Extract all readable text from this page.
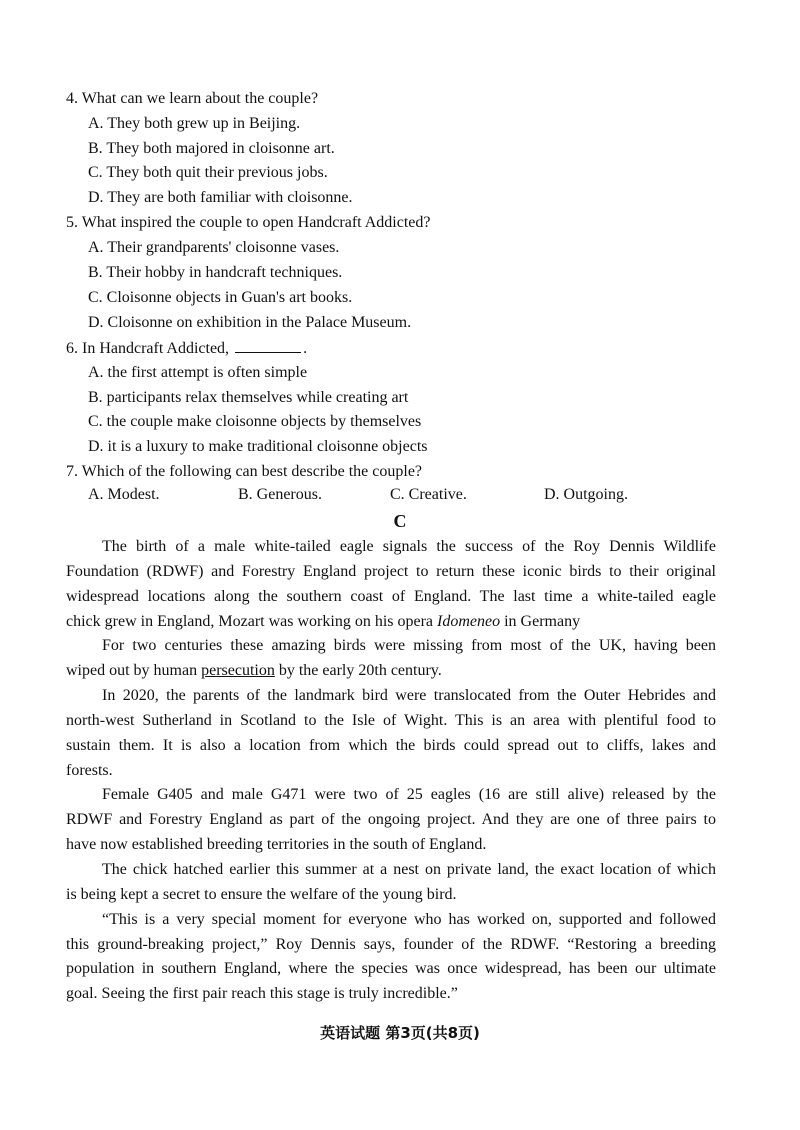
4. What can we learn about the couple?
A. They both grew up in Beijing.
B. They both majored in cloisonne art.
C. They both quit their previous jobs.
D. They are both familiar with cloisonne.
5. What inspired the couple to open Handcraft Addicted?
A. Their grandparents' cloisonne vases.
B. Their hobby in handcraft techniques.
C. Cloisonne objects in Guan's art books.
D. Cloisonne on exhibition in the Palace Museum.
6. In Handcraft Addicted,	.
A. the first attempt is often simple
B. participants relax themselves while creating art
C. the couple make cloisonne objects by themselves
D. it is a luxury to make traditional cloisonne objects
7. Which of the following can best describe the couple?
A. Modest.	B. Generous.	C. Creative.	D. Outgoing.
C
The birth of a male white-tailed eagle signals the success of the Roy Dennis Wildlife
Foundation (RDWF) and Forestry England project to return these iconic birds to their original
widespread locations along the southern coast of England. The last time a white-tailed eagle
chick grew in England, Mozart was working on his opera Idomeneo in Germany
For two centuries these amazing birds were missing from most of the UK, having been
wiped out by human persecution by the early 20th century.
In 2020, the parents of the landmark bird were translocated from the Outer Hebrides and
north-west Sutherland in Scotland to the Isle of Wight. This is an area with plentiful food to
sustain them. It is also a location from which the birds could spread out to cliffs, lakes and
forests.
Female G405 and male G471 were two of 25 eagles (16 are still alive) released by the
RDWF and Forestry England as part of the ongoing project. And they are one of three pairs to
have now established breeding territories in the south of England.
The chick hatched earlier this summer at a nest on private land, the exact location of which
is being kept a secret to ensure the welfare of the young bird.
“This is a very special moment for everyone who has worked on, supported and followed
this ground-breaking project,” Roy Dennis says, founder of the RDWF. “Restoring a breeding
population in southern England, where the species was once widespread, has been our ultimate
goal. Seeing the first pair reach this stage is truly incredible.”
英语试题 第3页(共8页)
